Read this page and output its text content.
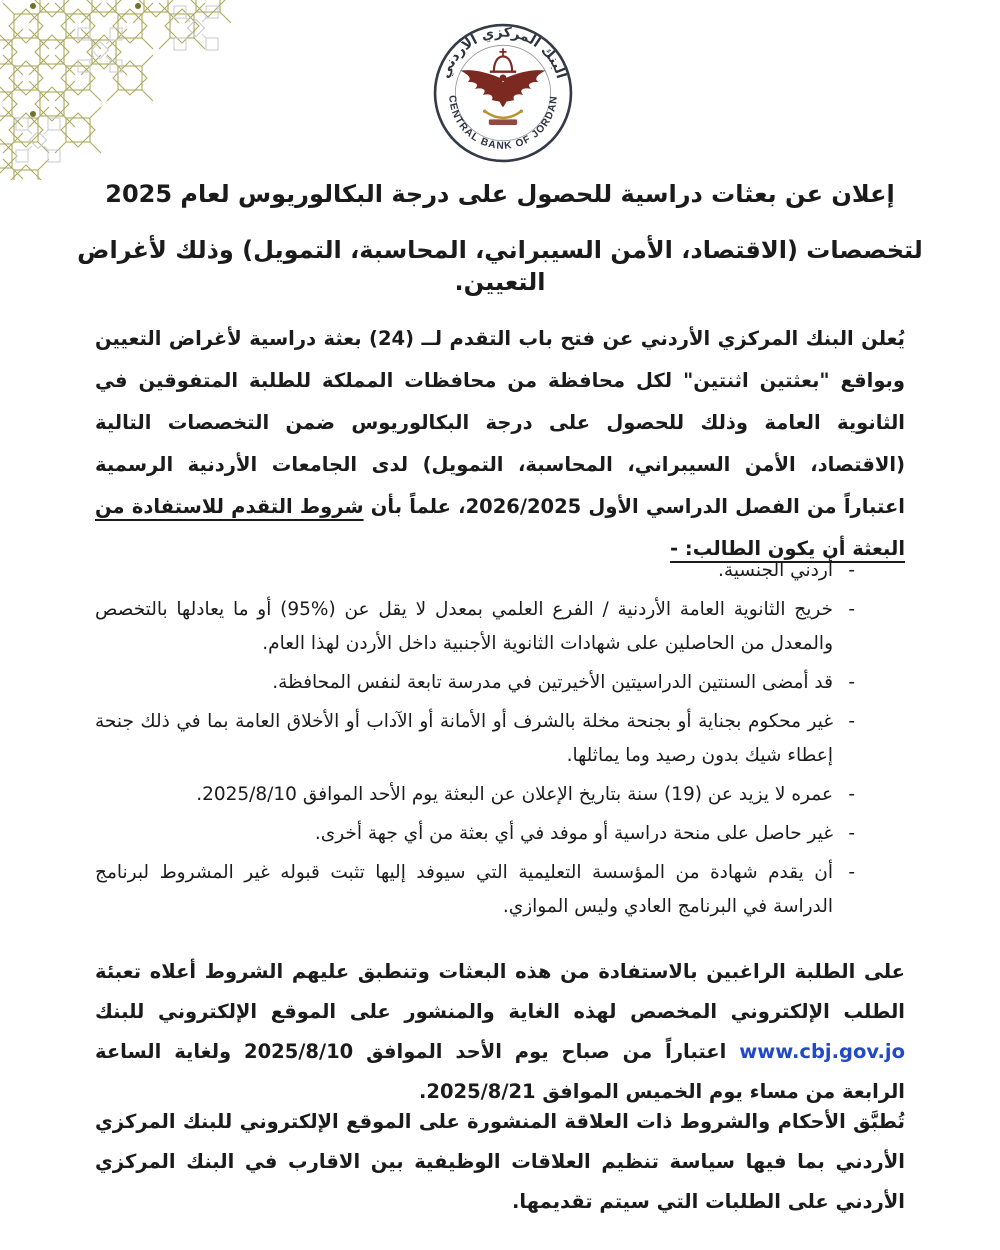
البنك المركزي الأردني
CENTRAL BANK OF JORDAN
إعلان عن بعثات دراسية للحصول على درجة البكالوريوس لعام 2025
لتخصصات (الاقتصاد، الأمن السيبراني، المحاسبة، التمويل) وذلك لأغراض التعيين.

يُعلن البنك المركزي الأردني عن فتح باب التقدم لــ (24) بعثة دراسية لأغراض التعيين وبواقع "بعثتين اثنتين" لكل محافظة من محافظات المملكة للطلبة المتفوقين في الثانوية العامة وذلك للحصول على درجة البكالوريوس ضمن التخصصات التالية (الاقتصاد، الأمن السيبراني، المحاسبة، التمويل) لدى الجامعات الأردنية الرسمية اعتباراً من الفصل الدراسي الأول 2026/2025، علماً بأن شروط التقدم للاستفادة من البعثة أن يكون الطالب: -

-
أردني الجنسية.
-
خريج الثانوية العامة الأردنية / الفرع العلمي بمعدل لا يقل عن (%95) أو ما يعادلها بالتخصص والمعدل من الحاصلين على شهادات الثانوية الأجنبية داخل الأردن لهذا العام.
-
قد أمضى السنتين الدراسيتين الأخيرتين في مدرسة تابعة لنفس المحافظة.
-
غير محكوم بجناية أو بجنحة مخلة بالشرف أو الأمانة أو الآداب أو الأخلاق العامة بما في ذلك جنحة إعطاء شيك بدون رصيد وما يماثلها.
-
عمره لا يزيد عن (19) سنة بتاريخ الإعلان عن البعثة يوم الأحد الموافق 2025/8/10.
-
غير حاصل على منحة دراسية أو موفد في أي بعثة من أي جهة أخرى.
-
أن يقدم شهادة من المؤسسة التعليمية التي سيوفد إليها تثبت قبوله غير المشروط لبرنامج الدراسة في البرنامج العادي وليس الموازي.

على الطلبة الراغبين بالاستفادة من هذه البعثات وتنطبق عليهم الشروط أعلاه تعبئة الطلب الإلكتروني المخصص لهذه الغاية والمنشور على الموقع الإلكتروني للبنك www.cbj.gov.jo اعتباراً من صباح يوم الأحد الموافق 2025/8/10 ولغاية الساعة الرابعة من مساء يوم الخميس الموافق 2025/8/21.

تُطبَّق الأحكام والشروط ذات العلاقة المنشورة على الموقع الإلكتروني للبنك المركزي الأردني بما فيها سياسة تنظيم العلاقات الوظيفية بين الاقارب في البنك المركزي الأردني على الطلبات التي سيتم تقديمها.
